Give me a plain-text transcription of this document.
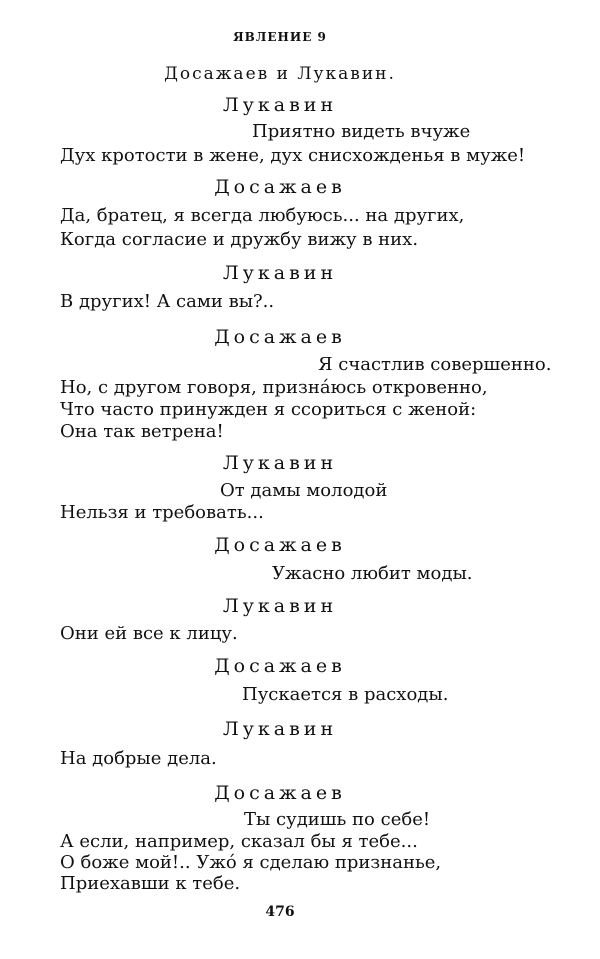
ЯВЛЕНИЕ 9
Досажаев и Лукавин.
Лукавин
Приятно видеть вчуже
Дух кротости в жене, дух снисхожденья в муже!
Досажаев
Да, братец, я всегда любуюсь... на других,
Когда согласие и дружбу вижу в них.
Лукавин
В других! А сами вы?..
Досажаев
Я счастлив совершенно.
Но, с другом говоря, признáюсь откровенно,
Что часто принужден я ссориться с женой:
Она так ветрена!
Лукавин
От дамы молодой
Нельзя и требовать...
Досажаев
Ужасно любит моды.
Лукавин
Они ей все к лицу.
Досажаев
Пускается в расходы.
Лукавин
На добрые дела.
Досажаев
Ты судишь по себе!
А если, например, сказал бы я тебе...
О боже мой!.. Ужó я сделаю признанье,
Приехавши к тебе.
476
